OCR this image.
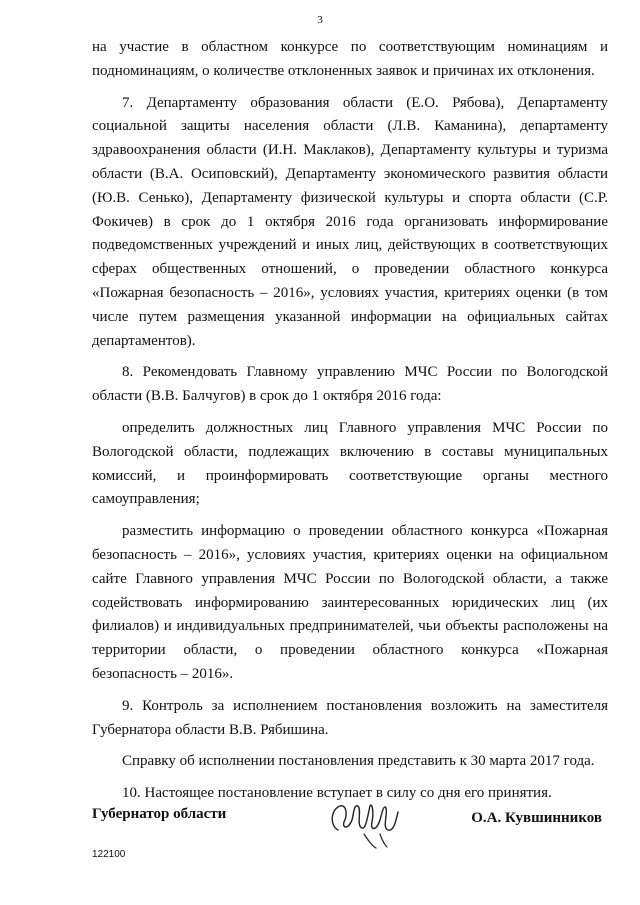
3

на участие в областном конкурсе по соответствующим номинациям и подноминациям, о количестве отклоненных заявок и причинах их отклонения.

7. Департаменту образования области (Е.О. Рябова), Департаменту социальной защиты населения области (Л.В. Каманина), департаменту здравоохранения области (И.Н. Маклаков), Департаменту культуры и туризма области (В.А. Осиповский), Департаменту экономического развития области (Ю.В. Сенько), Департаменту физической культуры и спорта области (С.Р. Фокичев) в срок до 1 октября 2016 года организовать информирование подведомственных учреждений и иных лиц, действующих в соответствующих сферах общественных отношений, о проведении областного конкурса «Пожарная безопасность – 2016», условиях участия, критериях оценки (в том числе путем размещения указанной информации на официальных сайтах департаментов).

8. Рекомендовать Главному управлению МЧС России по Вологодской области (В.В. Балчугов) в срок до 1 октября 2016 года:

определить должностных лиц Главного управления МЧС России по Вологодской области, подлежащих включению в составы муниципальных комиссий, и проинформировать соответствующие органы местного самоуправления;

разместить информацию о проведении областного конкурса «Пожарная безопасность – 2016», условиях участия, критериях оценки на официальном сайте Главного управления МЧС России по Вологодской области, а также содействовать информированию заинтересованных юридических лиц (их филиалов) и индивидуальных предпринимателей, чьи объекты расположены на территории области, о проведении областного конкурса «Пожарная безопасность – 2016».

9. Контроль за исполнением постановления возложить на заместителя Губернатора области В.В. Рябишина.

Справку об исполнении постановления представить к 30 марта 2017 года.

10. Настоящее постановление вступает в силу со дня его принятия.

Губернатор области	О.А. Кувшинников
122100
